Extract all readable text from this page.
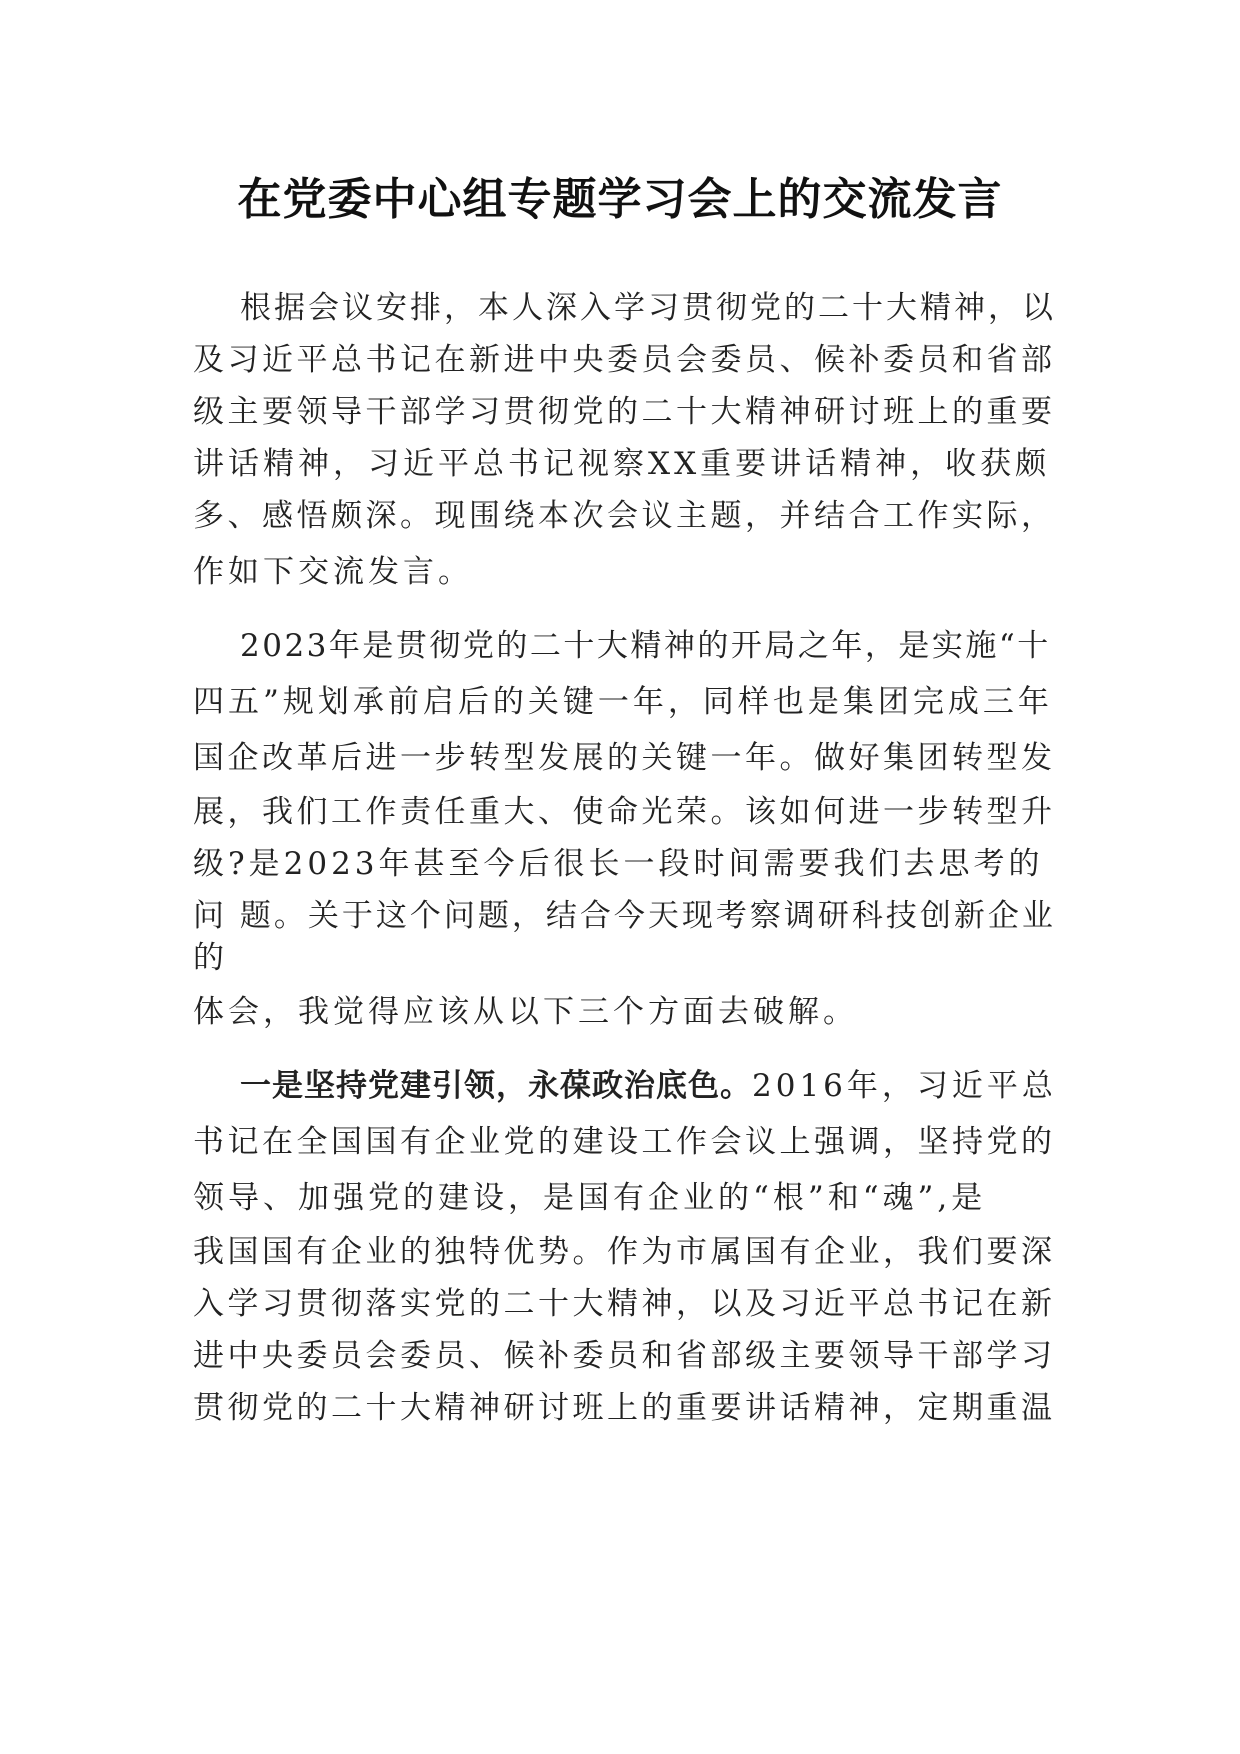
在党委中心组专题学习会上的交流发言
根据会议安排，本人深入学习贯彻党的二十大精神，以
及习近平总书记在新进中央委员会委员、候补委员和省部
级主要领导干部学习贯彻党的二十大精神研讨班上的重要
讲话精神，习近平总书记视察XX重要讲话精神，收获颇
多、感悟颇深。现围绕本次会议主题，并结合工作实际，
作如下交流发言。
2023年是贯彻党的二十大精神的开局之年，是实施“十
四五”规划承前启后的关键一年，同样也是集团完成三年
国企改革后进一步转型发展的关键一年。做好集团转型发
展，我们工作责任重大、使命光荣。该如何进一步转型升
级?是2023年甚至今后很长一段时间需要我们去思考的
问 题。关于这个问题，结合今天现考察调研科技创新企业
的
体会，我觉得应该从以下三个方面去破解。
一是坚持党建引领，永葆政治底色。2016年，习近平总
书记在全国国有企业党的建设工作会议上强调，坚持党的
领导、加强党的建设，是国有企业的“根”和“魂”,是
我国国有企业的独特优势。作为市属国有企业，我们要深
入学习贯彻落实党的二十大精神，以及习近平总书记在新
进中央委员会委员、候补委员和省部级主要领导干部学习
贯彻党的二十大精神研讨班上的重要讲话精神，定期重温
